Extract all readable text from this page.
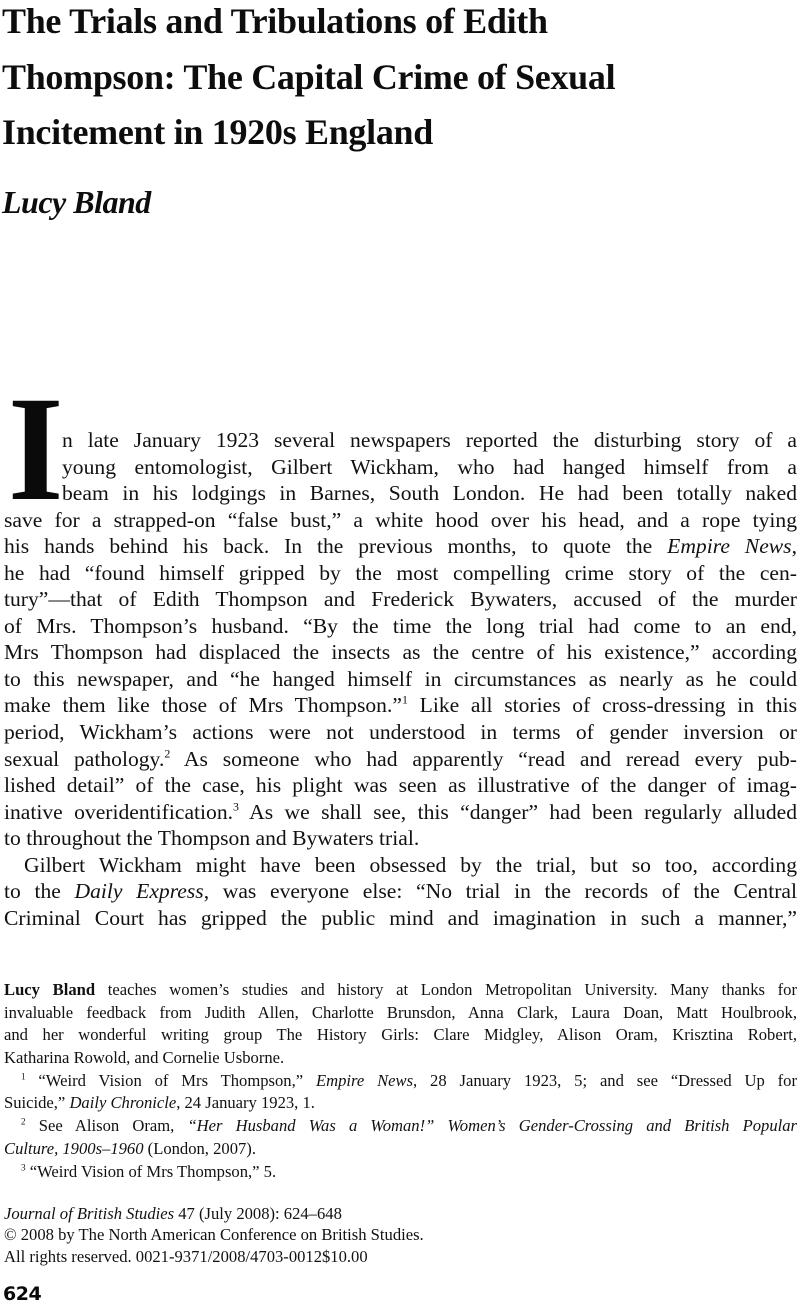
The Trials and Tribulations of Edith
Thompson: The Capital Crime of Sexual
Incitement in 1920s England

Lucy Bland

I
n late January 1923 several newspapers reported the disturbing story of a
young entomologist, Gilbert Wickham, who had hanged himself from a
beam in his lodgings in Barnes, South London. He had been totally naked
save for a strapped-on “false bust,” a white hood over his head, and a rope tying
his hands behind his back. In the previous months, to quote the Empire News,
he had “found himself gripped by the most compelling crime story of the cen-
tury”—that of Edith Thompson and Frederick Bywaters, accused of the murder
of Mrs. Thompson’s husband. “By the time the long trial had come to an end,
Mrs Thompson had displaced the insects as the centre of his existence,” according
to this newspaper, and “he hanged himself in circumstances as nearly as he could
make them like those of Mrs Thompson.”$^1$ Like all stories of cross-dressing in this
period, Wickham’s actions were not understood in terms of gender inversion or
sexual pathology.$^2$ As someone who had apparently “read and reread every pub-
lished detail” of the case, his plight was seen as illustrative of the danger of imag-
inative overidentification.$^3$ As we shall see, this “danger” had been regularly alluded
to throughout the Thompson and Bywaters trial.
Gilbert Wickham might have been obsessed by the trial, but so too, according
to the Daily Express, was everyone else: “No trial in the records of the Central
Criminal Court has gripped the public mind and imagination in such a manner,”
Lucy Bland teaches women’s studies and history at London Metropolitan University. Many thanks for
invaluable feedback from Judith Allen, Charlotte Brunsdon, Anna Clark, Laura Doan, Matt Houlbrook,
and her wonderful writing group The History Girls: Clare Midgley, Alison Oram, Krisztina Robert,
Katharina Rowold, and Cornelie Usborne.
$^1$ “Weird Vision of Mrs Thompson,” Empire News, 28 January 1923, 5; and see “Dressed Up for
Suicide,” Daily Chronicle, 24 January 1923, 1.
$^2$ See Alison Oram, “Her Husband Was a Woman!” Women’s Gender-Crossing and British Popular
Culture, 1900s–1960 (London, 2007).
$^3$ “Weird Vision of Mrs Thompson,” 5.
Journal of British Studies 47 (July 2008): 624–648
© 2008 by The North American Conference on British Studies.
All rights reserved. 0021-9371/2008/4703-0012$10.00
624
